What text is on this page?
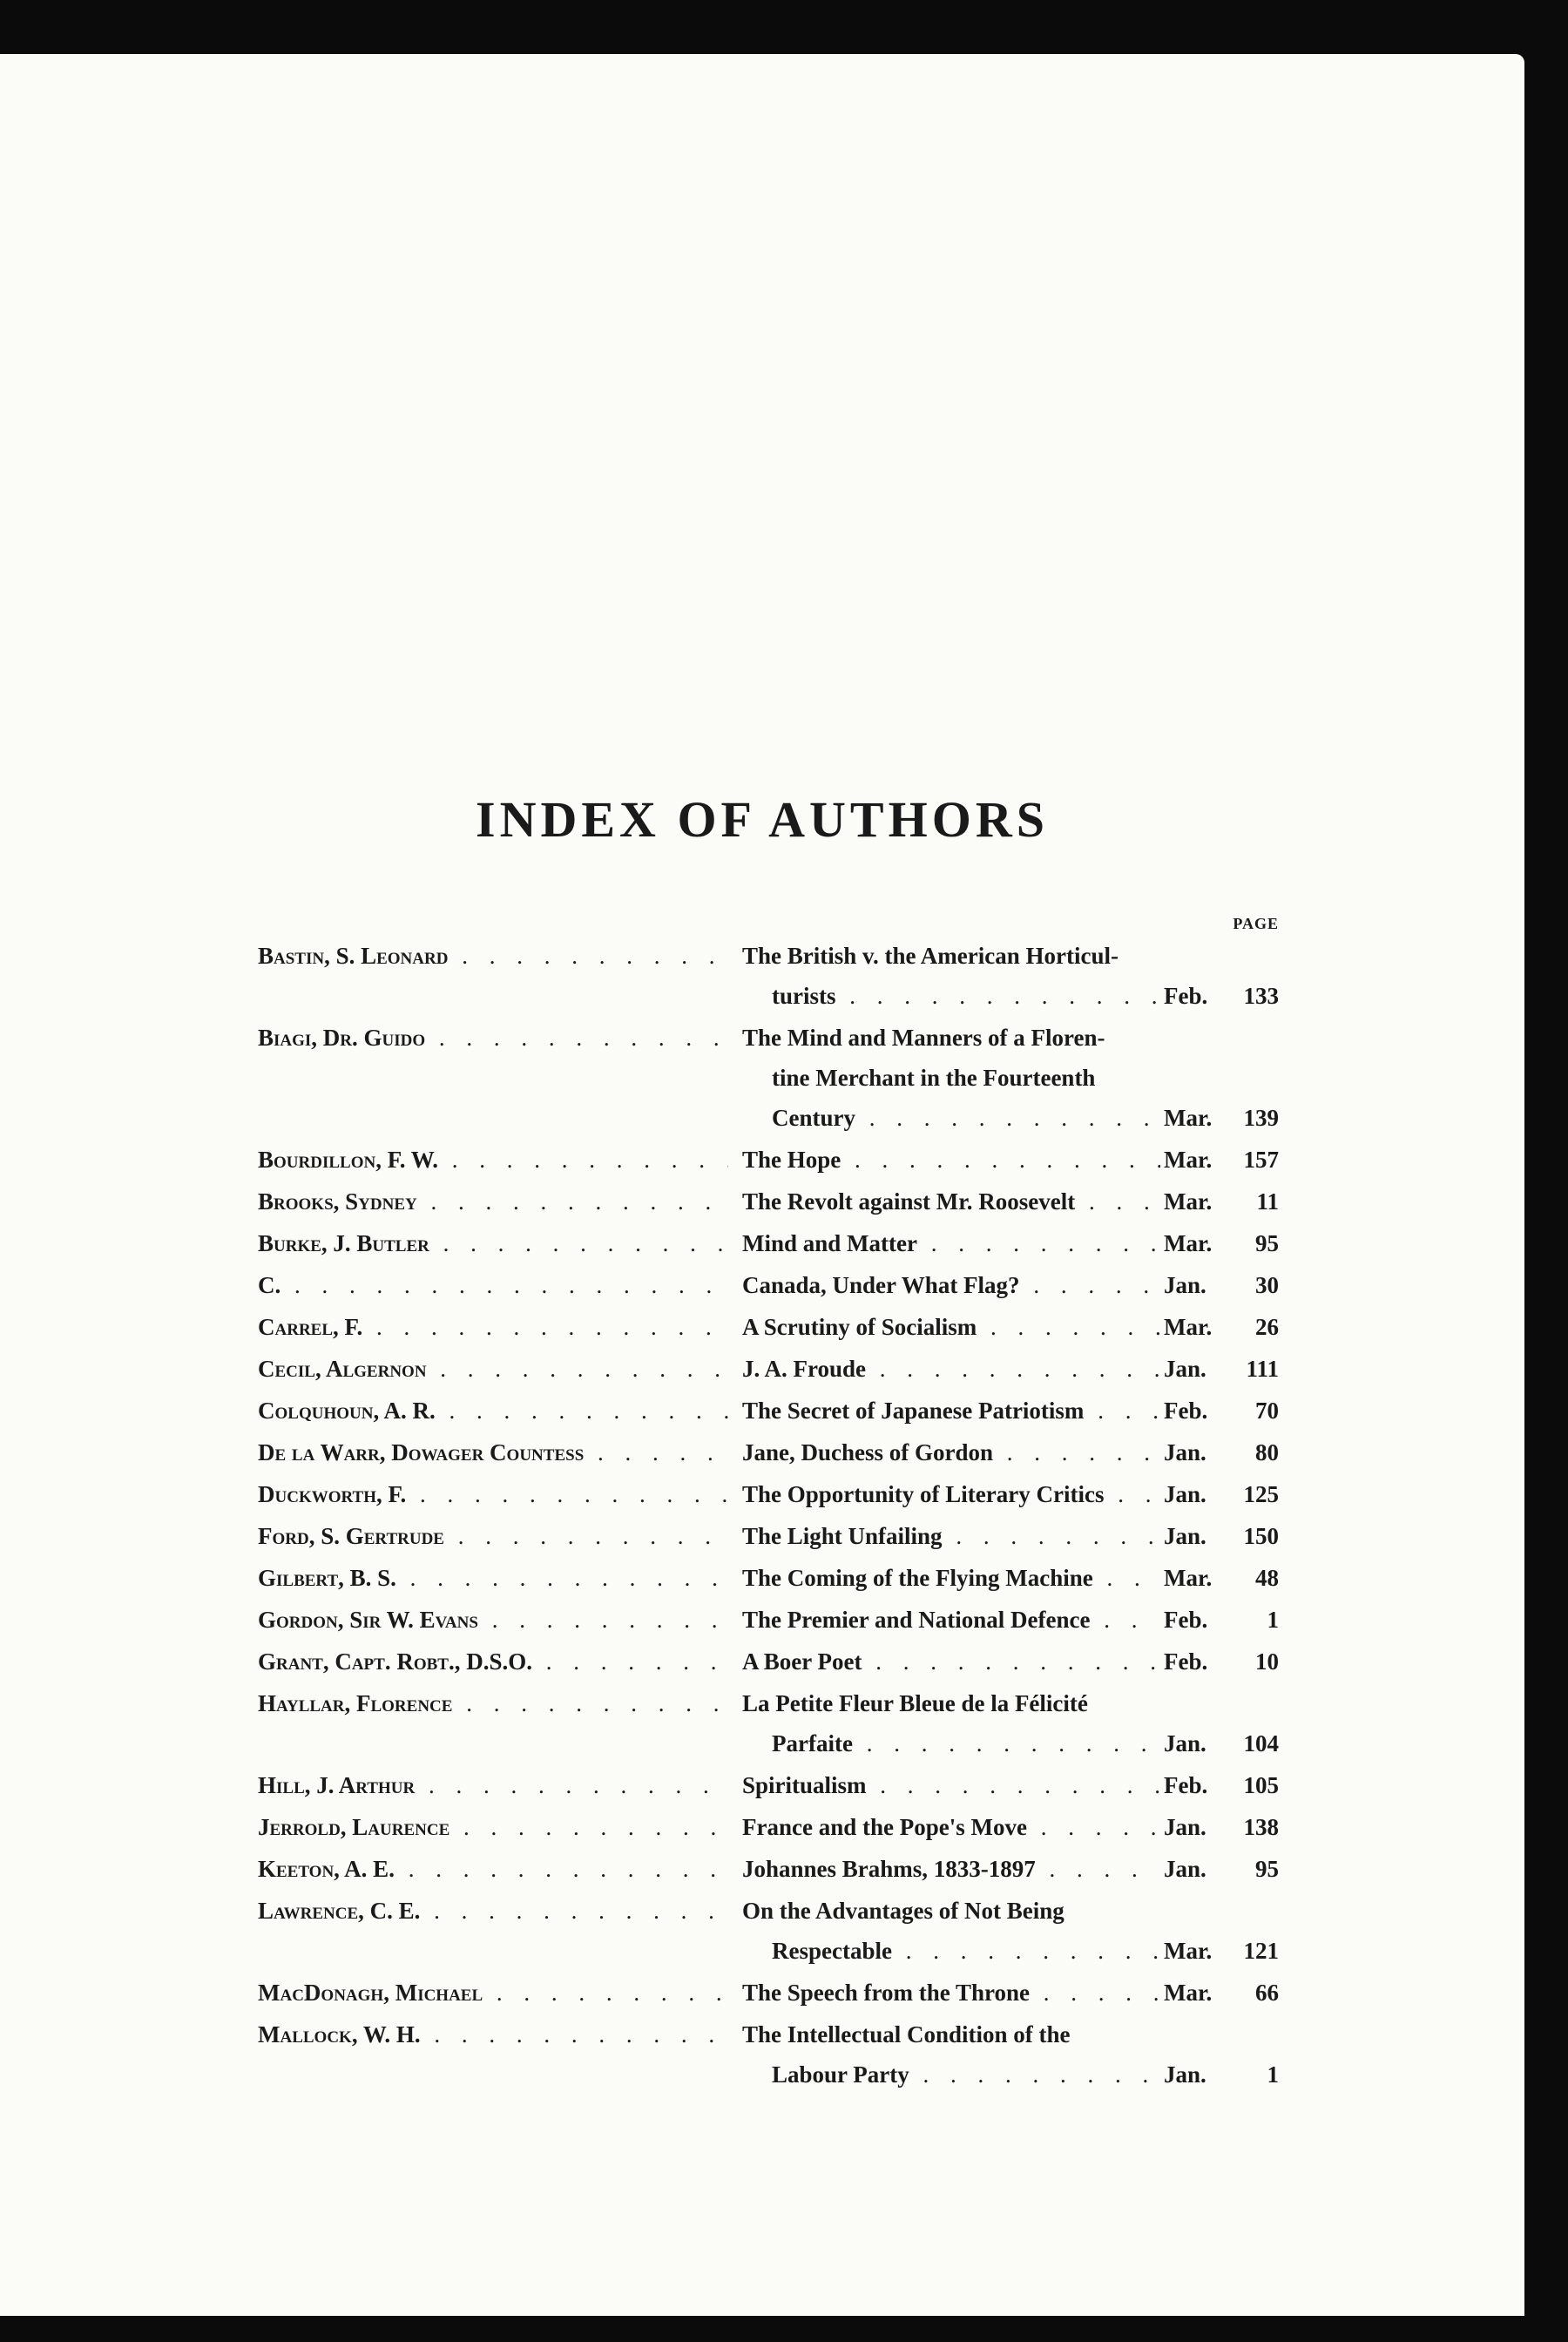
INDEX OF AUTHORS
PAGE
Bastin, S. Leonard . . .	The British v. the American Horticul-
turists . . .	Feb.	133
Biagi, Dr. Guido . . .	The Mind and Manners of a Floren-
tine Merchant in the Fourteenth
Century . . .	Mar.	139
Bourdillon, F. W. . . .	The Hope . . .	Mar.	157
Brooks, Sydney . . .	The Revolt against Mr. Roosevelt . . .	Mar.	11
Burke, J. Butler . . .	Mind and Matter . . .	Mar.	95
C. . . .	Canada, Under What Flag? . . .	Jan.	30
Carrel, F. . . .	A Scrutiny of Socialism . . .	Mar.	26
Cecil, Algernon . . .	J. A. Froude . . .	Jan.	111
Colquhoun, A. R. . . .	The Secret of Japanese Patriotism . . .	Feb.	70
De la Warr, Dowager Countess . . .	Jane, Duchess of Gordon . . .	Jan.	80
Duckworth, F. . . .	The Opportunity of Literary Critics . . .	Jan.	125
Ford, S. Gertrude . . .	The Light Unfailing . . .	Jan.	150
Gilbert, B. S. . . .	The Coming of the Flying Machine . . .	Mar.	48
Gordon, Sir W. Evans . . .	The Premier and National Defence . . .	Feb.	1
Grant, Capt. Robt., D.S.O. . . .	A Boer Poet . . .	Feb.	10
Hayllar, Florence . . .	La Petite Fleur Bleue de la Félicité
Parfaite . . .	Jan.	104
Hill, J. Arthur . . .	Spiritualism . . .	Feb.	105
Jerrold, Laurence . . .	France and the Pope's Move . . .	Jan.	138
Keeton, A. E. . . .	Johannes Brahms, 1833-1897 . . .	Jan.	95
Lawrence, C. E. . . .	On the Advantages of Not Being
Respectable . . .	Mar.	121
MacDonagh, Michael . . .	The Speech from the Throne . . .	Mar.	66
Mallock, W. H. . . .	The Intellectual Condition of the
Labour Party . . .	Jan.	1
